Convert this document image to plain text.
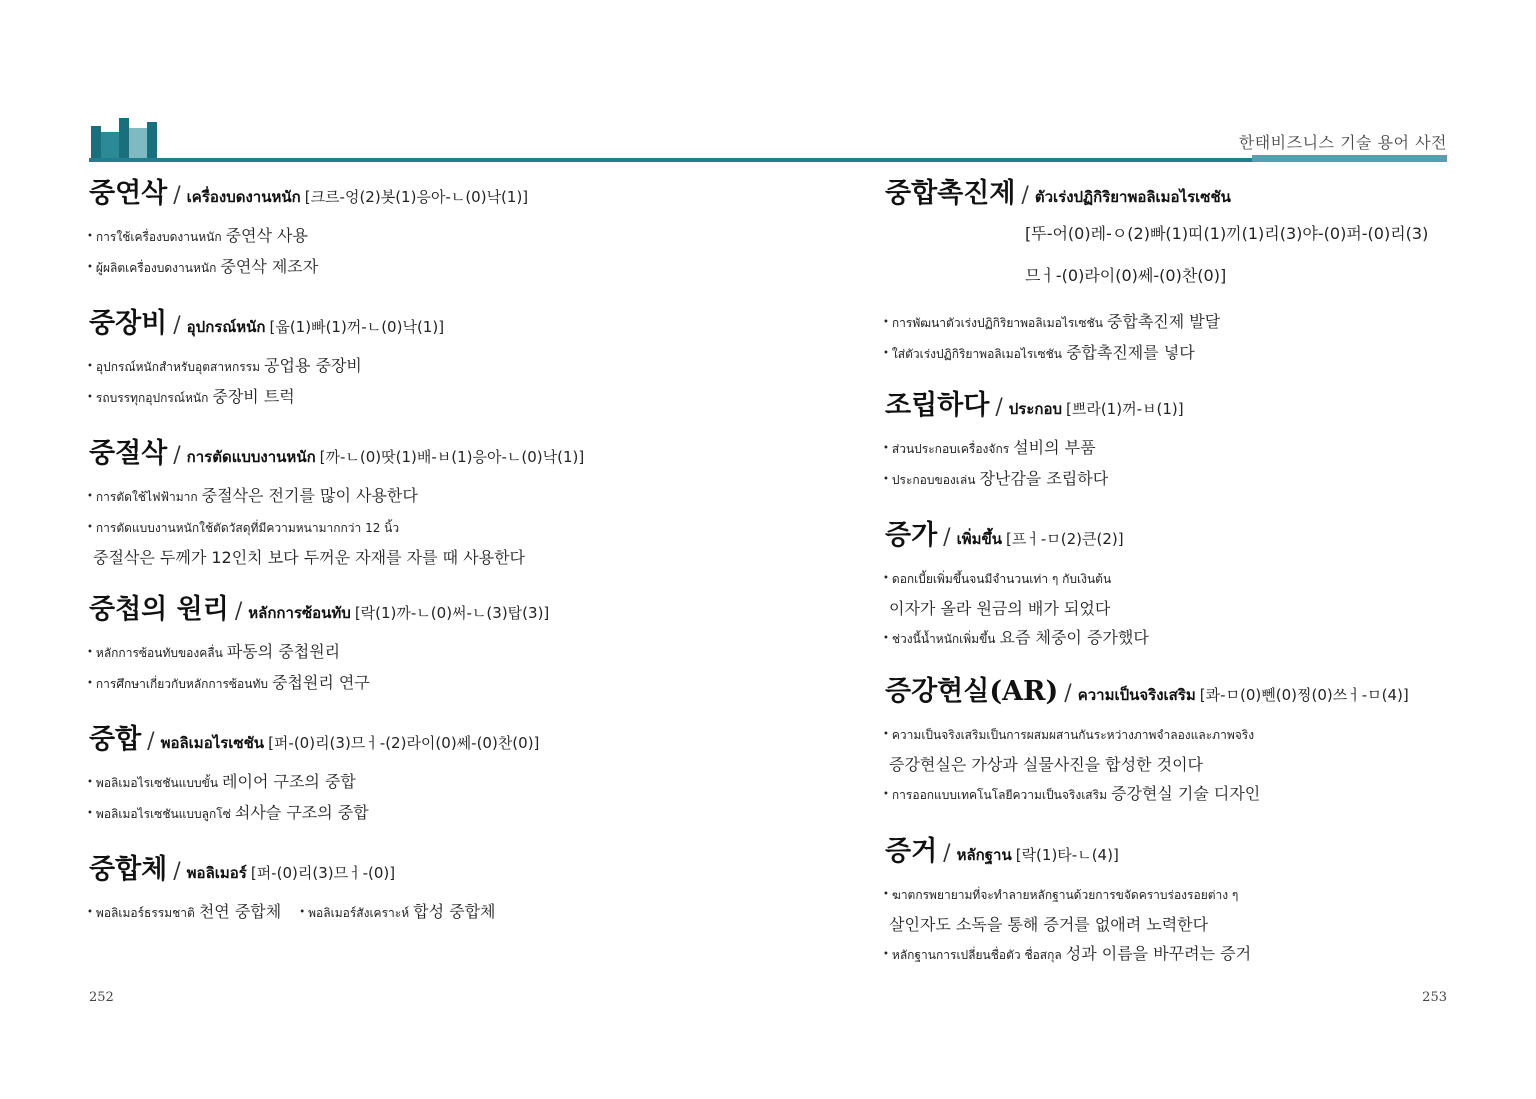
한태비즈니스 기술 용어 사전
중연삭 / เครื่องบดงานหนัก [크르-엉(2)봇(1)응아-ㄴ(0)낙(1)]
• การใช้เครื่องบดงานหนัก 중연삭 사용
• ผู้ผลิตเครื่องบดงานหนัก 중연삭 제조자
중장비 / อุปกรณ์หนัก [웁(1)빠(1)꺼-ㄴ(0)낙(1)]
• อุปกรณ์หนักสำหรับอุตสาหกรรม 공업용 중장비
• รถบรรทุกอุปกรณ์หนัก 중장비 트럭
중절삭 / การตัดแบบงานหนัก [까-ㄴ(0)땃(1)배-ㅂ(1)응아-ㄴ(0)낙(1)]
• การตัดใช้ไฟฟ้ามาก 중절삭은 전기를 많이 사용한다
• การตัดแบบงานหนักใช้ตัดวัสดุที่มีความหนามากกว่า 12 นิ้ว
중절삭은 두께가 12인치 보다 두꺼운 자재를 자를 때 사용한다
중첩의 원리 / หลักการซ้อนทับ [락(1)까-ㄴ(0)써-ㄴ(3)탑(3)]
• หลักการซ้อนทับของคลื่น 파동의 중첩원리
• การศึกษาเกี่ยวกับหลักการซ้อนทับ 중첩원리 연구
중합 / พอลิเมอไรเซชัน [퍼-(0)리(3)므ㅓ-(2)라이(0)쎄-(0)찬(0)]
• พอลิเมอไรเซชันแบบขั้น 레이어 구조의 중합
• พอลิเมอไรเซชันแบบลูกโซ่ 쇠사슬 구조의 중합
중합체 / พอลิเมอร์ [퍼-(0)리(3)므ㅓ-(0)]
• พอลิเมอร์ธรรมชาติ 천연 중합체 • พอลิเมอร์สังเคราะห์ 합성 중합체
중합촉진제 / ตัวเร่งปฏิกิริยาพอลิเมอไรเซชัน
[뚜-어(0)레-ㅇ(2)빠(1)띠(1)끼(1)리(3)야-(0)퍼-(0)리(3)
므ㅓ-(0)라이(0)쎄-(0)찬(0)]
• การพัฒนาตัวเร่งปฏิกิริยาพอลิเมอไรเซชัน 중합촉진제 발달
• ใส่ตัวเร่งปฏิกิริยาพอลิเมอไรเซชัน 중합촉진제를 넣다
조립하다 / ประกอบ [쁘라(1)꺼-ㅂ(1)]
• ส่วนประกอบเครื่องจักร 설비의 부품
• ประกอบของเล่น 장난감을 조립하다
증가 / เพิ่มขึ้น [프ㅓ-ㅁ(2)큰(2)]
• ดอกเบี้ยเพิ่มขึ้นจนมีจำนวนเท่า ๆ กับเงินต้น
이자가 올라 원금의 배가 되었다
• ช่วงนี้น้ำหนักเพิ่มขึ้น 요즘 체중이 증가했다
증강현실(AR) / ความเป็นจริงเสริม [콰-ㅁ(0)뻰(0)찡(0)쓰ㅓ-ㅁ(4)]
• ความเป็นจริงเสริมเป็นการผสมผสานกันระหว่างภาพจำลองและภาพจริง
증강현실은 가상과 실물사진을 합성한 것이다
• การออกแบบเทคโนโลยีความเป็นจริงเสริม 증강현실 기술 디자인
증거 / หลักฐาน [락(1)타-ㄴ(4)]
• ฆาตกรพยายามที่จะทำลายหลักฐานด้วยการขจัดคราบร่องรอยต่าง ๆ
살인자도 소독을 통해 증거를 없애려 노력한다
• หลักฐานการเปลี่ยนชื่อตัว ชื่อสกุล 성과 이름을 바꾸려는 증거
252	253
